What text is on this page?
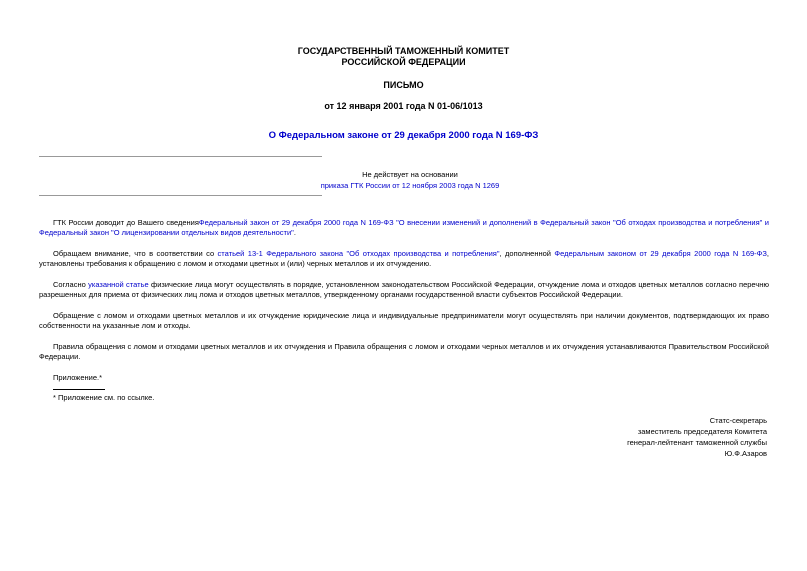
ГОСУДАРСТВЕННЫЙ ТАМОЖЕННЫЙ КОМИТЕТ
РОССИЙСКОЙ ФЕДЕРАЦИИ
ПИСЬМО
от 12 января 2001 года N 01-06/1013
О Федеральном законе от 29 декабря 2000 года N 169-ФЗ
Не действует на основании
приказа ГТК России от 12 ноября 2003 года N 1269
ГТК России доводит до Вашего сведенияФедеральный закон от 29 декабря 2000 года N 169-ФЗ "О внесении изменений и дополнений в Федеральный закон "Об отходах производства и потребления" и Федеральный закон "О лицензировании отдельных видов деятельности".
Обращаем внимание, что в соответствии со статьей 13-1 Федерального закона "Об отходах производства и потребления", дополненной Федеральным законом от 29 декабря 2000 года N 169-ФЗ, установлены требования к обращению с ломом и отходами цветных и (или) черных металлов и их отчуждению.
Согласно указанной статье физические лица могут осуществлять в порядке, установленном законодательством Российской Федерации, отчуждение лома и отходов цветных металлов согласно перечню разрешенных для приема от физических лиц лома и отходов цветных металлов, утвержденному органами государственной власти субъектов Российской Федерации.
Обращение с ломом и отходами цветных металлов и их отчуждение юридические лица и индивидуальные предприниматели могут осуществлять при наличии документов, подтверждающих их право собственности на указанные лом и отходы.
Правила обращения с ломом и отходами цветных металлов и их отчуждения и Правила обращения с ломом и отходами черных металлов и их отчуждения устанавливаются Правительством Российской Федерации.
Приложение.*
* Приложение см. по ссылке.
Статс-секретарь
заместитель председателя Комитета
генерал-лейтенант таможенной службы
Ю.Ф.Азаров
